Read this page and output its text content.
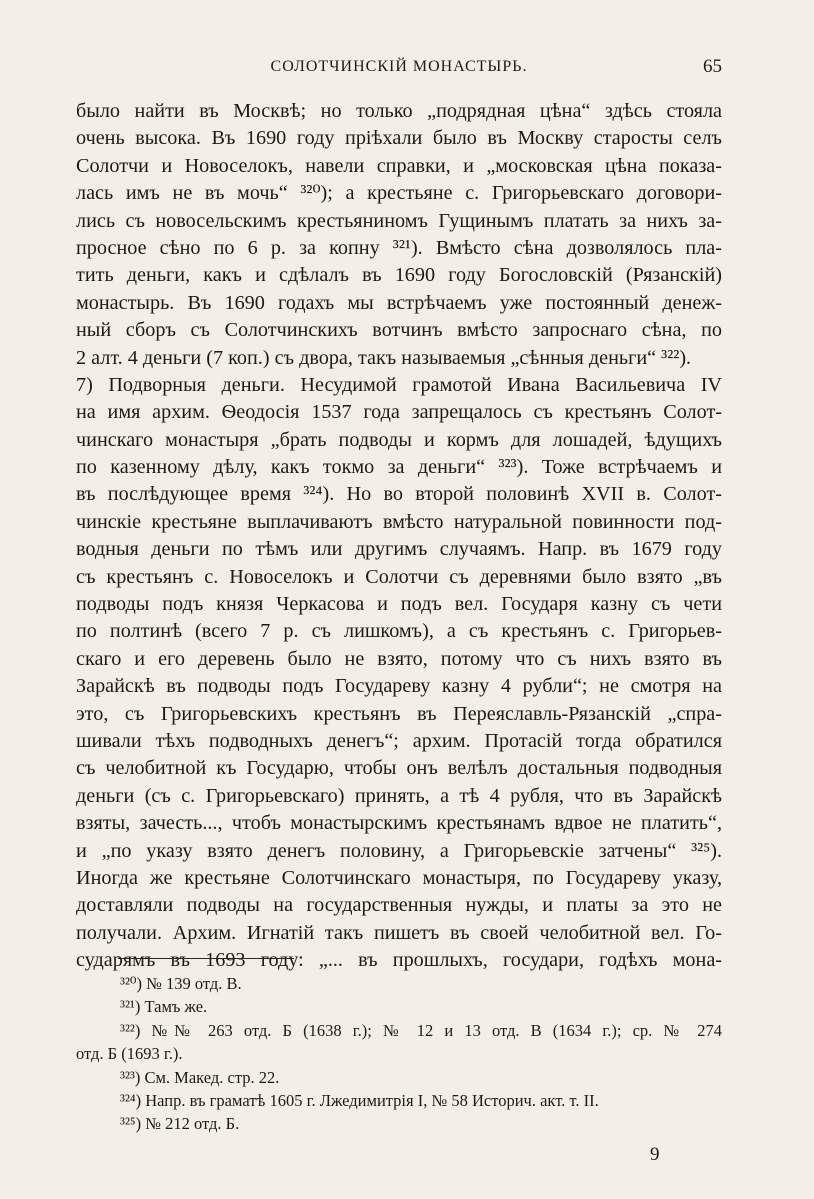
СОЛОТЧИНСКІЙ МОНАСТЫРЬ.	65
было найти въ Москвѣ; но только „подрядная цѣна“ здѣсь стояла
очень высока. Въ 1690 году пріѣхали было въ Москву старосты селъ
Солотчи и Новоселокъ, навели справки, и „московская цѣна показа-
лась имъ не въ мочь“ ³²⁰); а крестьяне с. Григорьевскаго договори-
лись съ новосельскимъ крестьяниномъ Гущинымъ платать за нихъ за-
просное сѣно по 6 р. за копну ³²¹). Вмѣсто сѣна дозволялось пла-
тить деньги, какъ и сдѣлалъ въ 1690 году Богословскій (Рязанскій)
монастырь. Въ 1690 годахъ мы встрѣчаемъ уже постоянный денеж-
ный сборъ съ Солотчинскихъ вотчинъ вмѣсто запроснаго сѣна, по
2 алт. 4 деньги (7 коп.) съ двора, такъ называемыя „сѣнныя деньги“ ³²²).
7) Подворныя деньги. Несудимой грамотой Ивана Васильевича IV
на имя архим. Ѳеодосія 1537 года запрещалось съ крестьянъ Солот-
чинскаго монастыря „брать подводы и кормъ для лошадей, ѣдущихъ
по казенному дѣлу, какъ токмо за деньги“ ³²³). Тоже встрѣчаемъ и
въ послѣдующее время ³²⁴). Но во второй половинѣ XVII в. Солот-
чинскіе крестьяне выплачиваютъ вмѣсто натуральной повинности под-
водныя деньги по тѣмъ или другимъ случаямъ. Напр. въ 1679 году
съ крестьянъ с. Новоселокъ и Солотчи съ деревнями было взято „въ
подводы подъ князя Черкасова и подъ вел. Государя казну съ чети
по полтинѣ (всего 7 р. съ лишкомъ), а съ крестьянъ с. Григорьев-
скаго и его деревень было не взято, потому что съ нихъ взято въ
Зарайскѣ въ подводы подъ Государеву казну 4 рубли“; не смотря на
это, съ Григорьевскихъ крестьянъ въ Переяславль-Рязанскій „спра-
шивали тѣхъ подводныхъ денегъ“; архим. Протасій тогда обратился
съ челобитной къ Государю, чтобы онъ велѣлъ достальныя подводныя
деньги (съ с. Григорьевскаго) принять, а тѣ 4 рубля, что въ Зарайскѣ
взяты, зачесть..., чтобъ монастырскимъ крестьянамъ вдвое не платить“,
и „по указу взято денегъ половину, а Григорьевскіе затчены“ ³²⁵).
Иногда же крестьяне Солотчинскаго монастыря, по Государеву указу,
доставляли подводы на государственныя нужды, и платы за это не
получали. Архим. Игнатій такъ пишетъ въ своей челобитной вел. Го-
сударямъ въ 1693 году: „... въ прошлыхъ, государи, годѣхъ мона-
³²⁰) № 139 отд. В.
³²¹) Тамъ же.
³²²) №№ 263 отд. Б (1638 г.); № 12 и 13 отд. В (1634 г.); ср. № 274
отд. Б (1693 г.).
³²³) См. Макед. стр. 22.
³²⁴) Напр. въ граматѣ 1605 г. Лжедимитрія I, № 58 Историч. акт. т. II.
³²⁵) № 212 отд. Б.
9
